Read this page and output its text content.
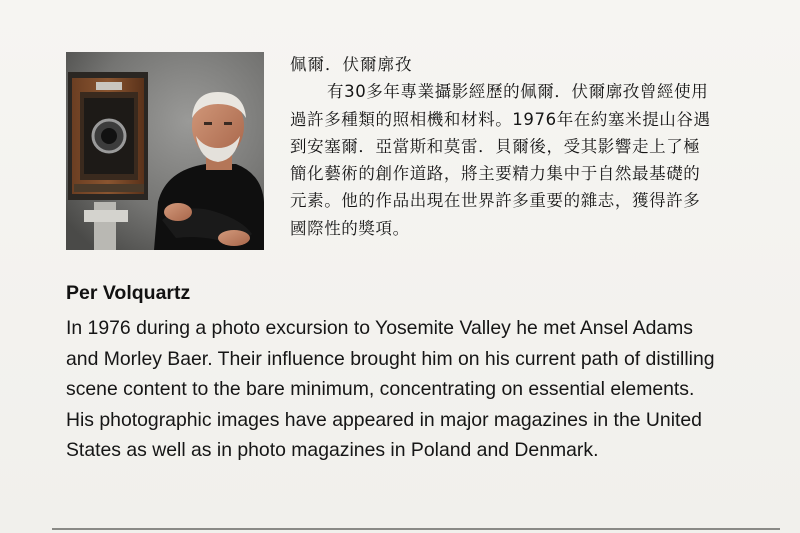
佩爾．伏爾廓孜
有30多年專業攝影經歷的佩爾．伏爾廓孜曾經使用
過許多種類的照相機和材料。1976年在約塞米提山谷遇
到安塞爾．亞當斯和莫雷．貝爾後，受其影響走上了極
簡化藝術的創作道路，將主要精力集中于自然最基礎的
元素。他的作品出現在世界許多重要的雜志，獲得許多
國際性的獎項。
Per Volquartz
In 1976 during a photo excursion to Yosemite Valley he met Ansel Adams
and Morley Baer. Their influence brought him on his current path of distilling
scene content to the bare minimum, concentrating on essential elements.
His photographic images have appeared in major magazines in the United
States as well as in photo magazines in Poland and Denmark.
